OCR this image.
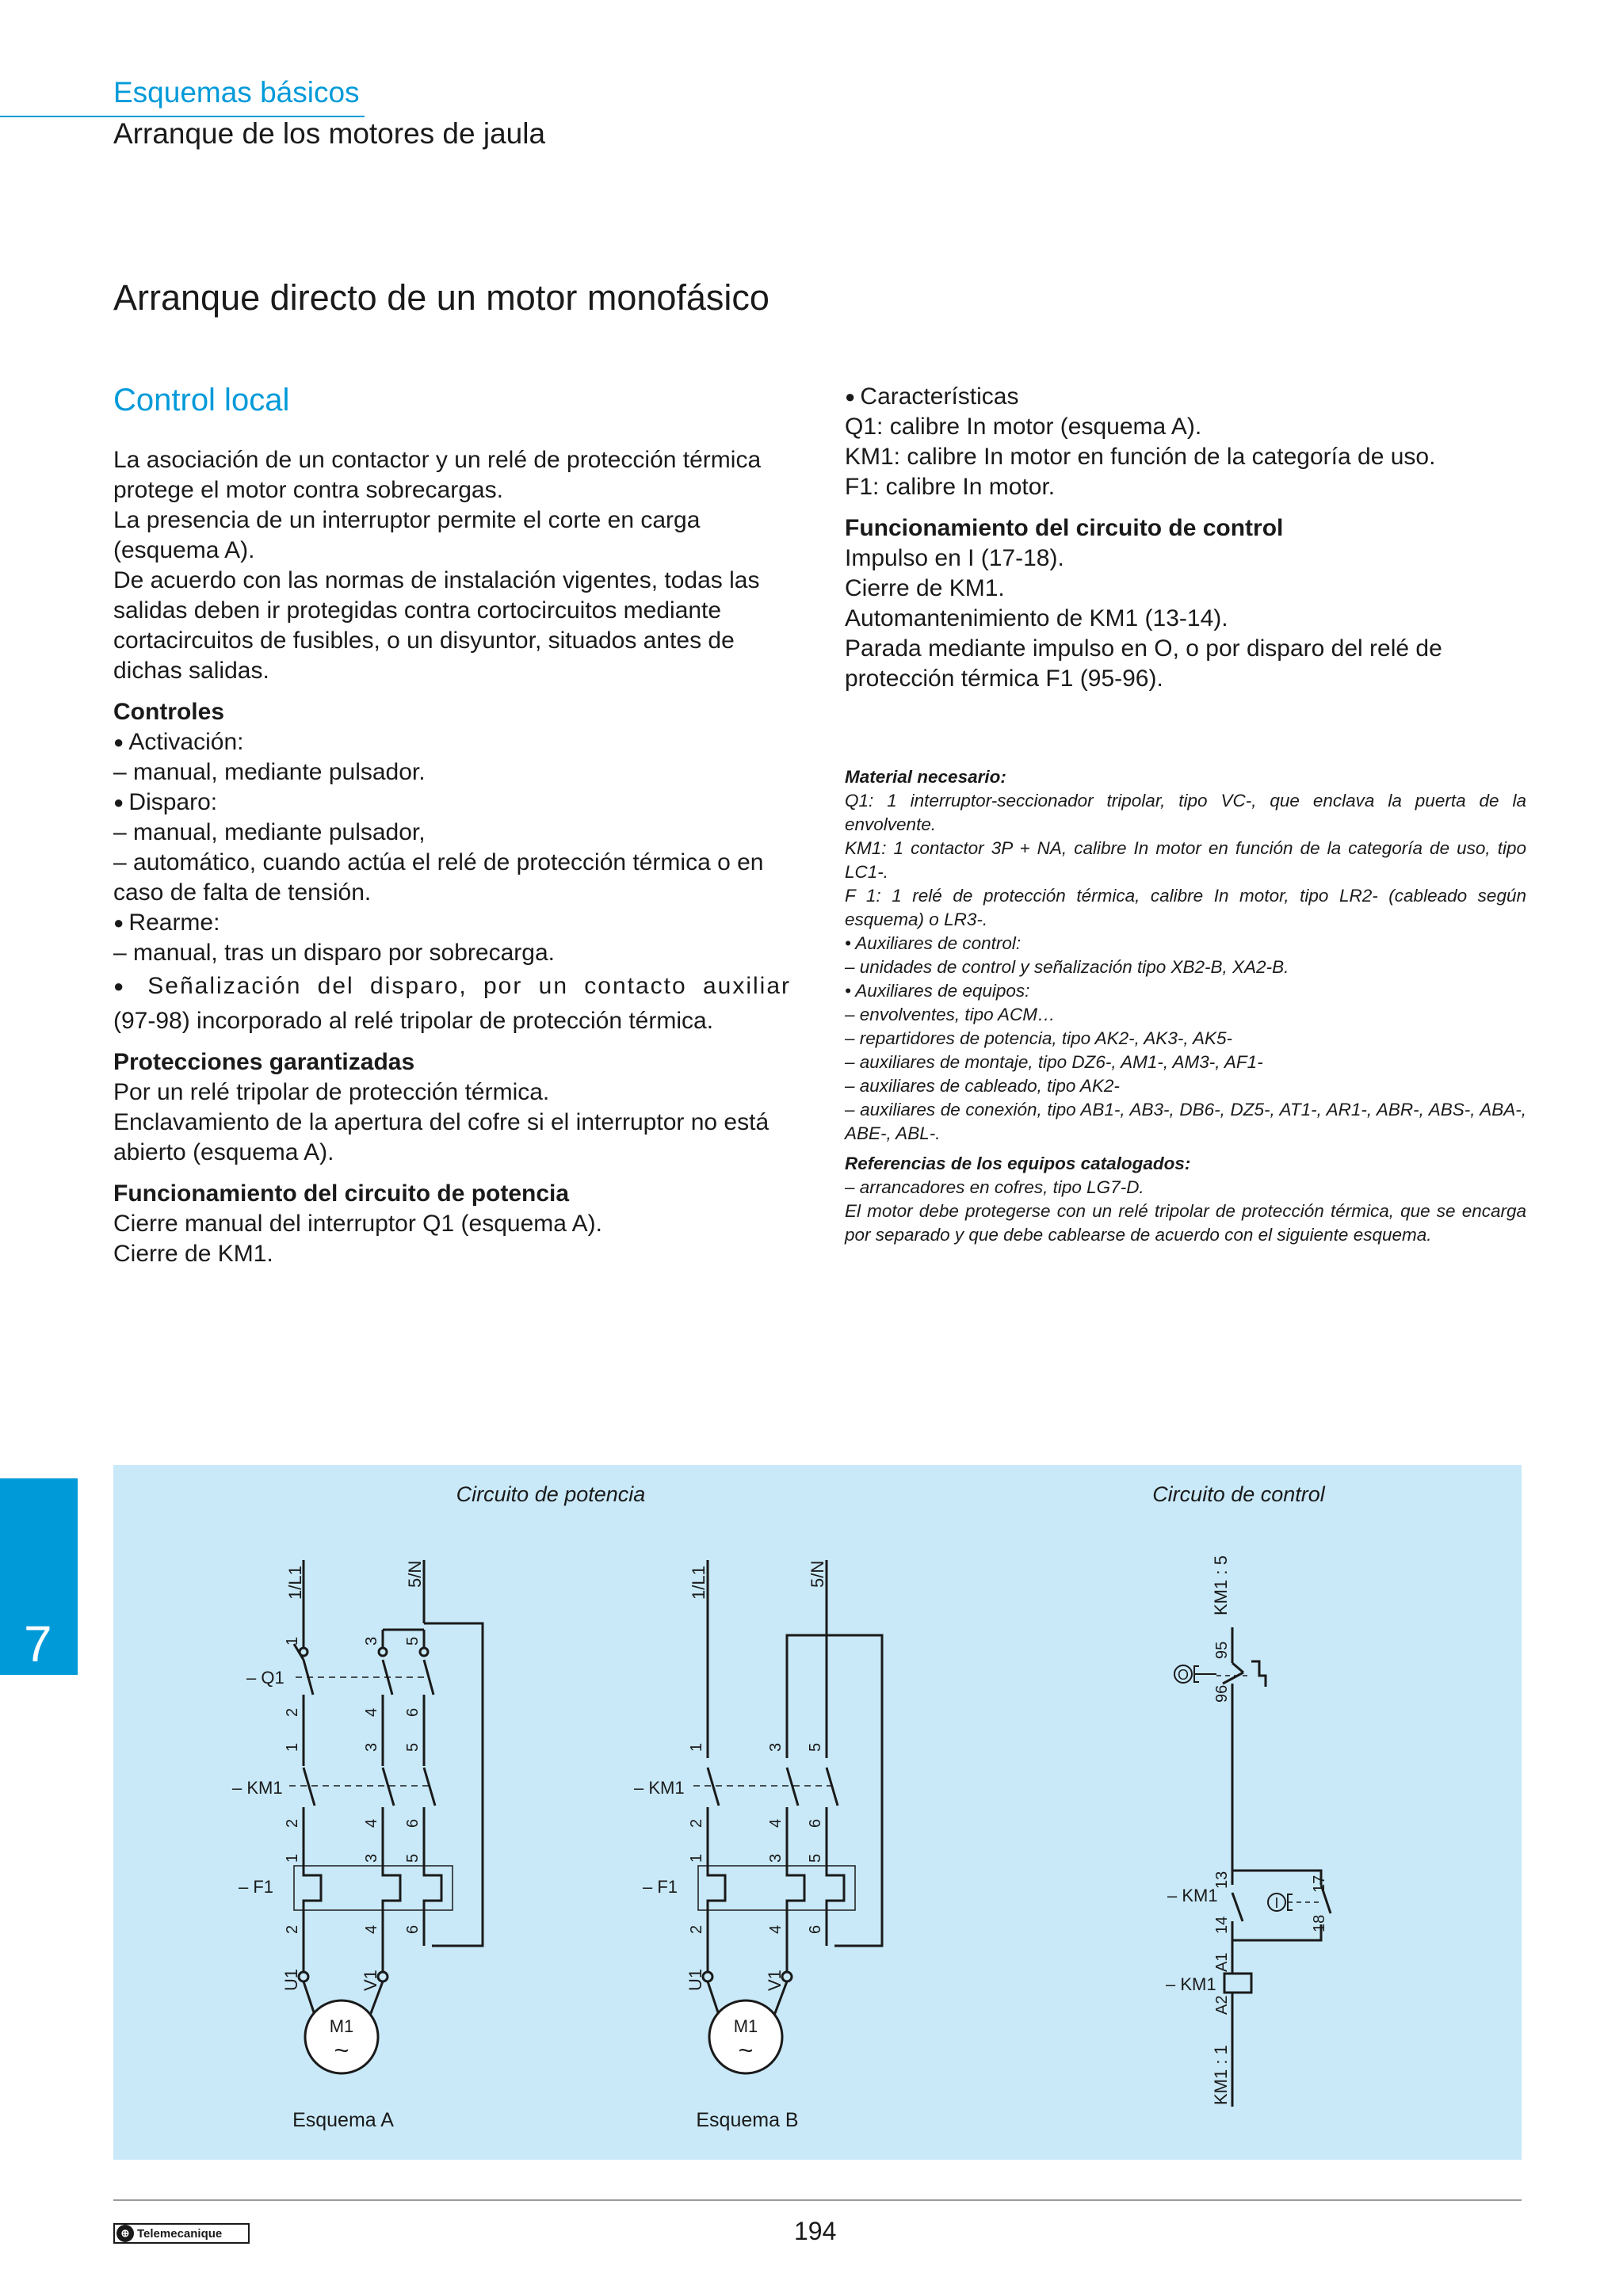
Esquemas básicos
Arranque de los motores de jaula
Arranque directo de un motor monofásico
Control local

La asociación de un contactor y un relé de protección térmica protege el motor contra sobrecargas.

La presencia de un interruptor permite el corte en carga (esquema A).

De acuerdo con las normas de instalación vigentes, todas las salidas deben ir protegidas contra cortocircuitos mediante cortacircuitos de fusibles, o un disyuntor, situados antes de dichas salidas.

Controles

● Activación:

– manual, mediante pulsador.

● Disparo:

– manual, mediante pulsador,

– automático, cuando actúa el relé de protección térmica o en caso de falta de tensión.

● Rearme:

– manual, tras un disparo por sobrecarga.

● Señalización del disparo, por un contacto auxiliar

(97-98) incorporado al relé tripolar de protección térmica.

Protecciones garantizadas

Por un relé tripolar de protección térmica.

Enclavamiento de la apertura del cofre si el interruptor no está abierto (esquema A).

Funcionamiento del circuito de potencia

Cierre manual del interruptor Q1 (esquema A).

Cierre de KM1.

● Características

Q1: calibre In motor (esquema A).

KM1: calibre In motor en función de la categoría de uso.

F1: calibre In motor.

Funcionamiento del circuito de control

Impulso en I (17-18).

Cierre de KM1.

Automantenimiento de KM1 (13-14).

Parada mediante impulso en O, o por disparo del relé de protección térmica F1 (95-96).

Material necesario:

Q1: 1 interruptor-seccionador tripolar, tipo VC-, que enclava la puerta de la envolvente.

KM1: 1 contactor 3P + NA, calibre In motor en función de la categoría de uso, tipo LC1-.

F 1: 1 relé de protección térmica, calibre In motor, tipo LR2- (cableado según esquema) o LR3-.

• Auxiliares de control:

– unidades de control y señalización tipo XB2-B, XA2-B.

• Auxiliares de equipos:

– envolventes, tipo ACM…

– repartidores de potencia, tipo AK2-, AK3-, AK5-

– auxiliares de montaje, tipo DZ6-, AM1-, AM3-, AF1-

– auxiliares de cableado, tipo AK2-

– auxiliares de conexión, tipo AB1-, AB3-, DB6-, DZ5-, AT1-, AR1-, ABR-, ABS-, ABA-, ABE-, ABL-.

Referencias de los equipos catalogados:

– arrancadores en cofres, tipo LG7-D.

El motor debe protegerse con un relé tripolar de protección térmica, que se encarga por separado y que debe cablearse de acuerdo con el siguiente esquema.

7
Circuito de potencia	Circuito de control
1/L1	5/N
– Q1
1	3 5
2	4 6
– KM1
1	3 5
2	4 6
– F1
1	3 5
2	4 6
U1	V1
M1
~
Esquema A
1/L1	5/N
– KM1
1	3 5
2	4 6
– F1
1	3 5
2	4 6
U1	V1
M1
~
Esquema B
KM1 : 5
95
96
O
13
14
– KM1
17
18
I
A1
A2
– KM1
KM1 : 1
⊕ Telemecanique	194
